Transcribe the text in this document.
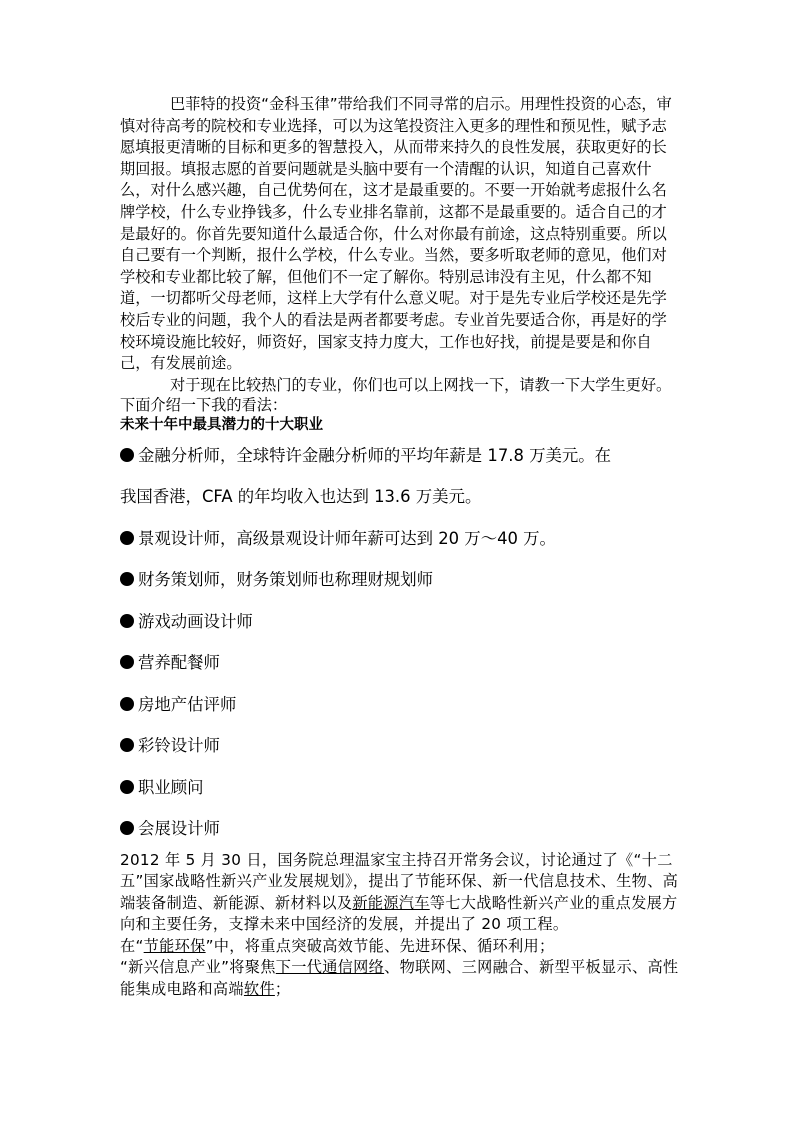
巴菲特的投资“金科玉律”带给我们不同寻常的启示。用理性投资的心态，审慎对待高考的院校和专业选择，可以为这笔投资注入更多的理性和预见性，赋予志愿填报更清晰的目标和更多的智慧投入，从而带来持久的良性发展，获取更好的长期回报。填报志愿的首要问题就是头脑中要有一个清醒的认识，知道自己喜欢什么，对什么感兴趣，自己优势何在，这才是最重要的。不要一开始就考虑报什么名牌学校，什么专业挣钱多，什么专业排名靠前，这都不是最重要的。适合自己的才是最好的。你首先要知道什么最适合你，什么对你最有前途，这点特别重要。所以自己要有一个判断，报什么学校，什么专业。当然，要多听取老师的意见，他们对学校和专业都比较了解，但他们不一定了解你。特别忌讳没有主见，什么都不知道，一切都听父母老师，这样上大学有什么意义呢。对于是先专业后学校还是先学校后专业的问题，我个人的看法是两者都要考虑。专业首先要适合你，再是好的学校环境设施比较好，师资好，国家支持力度大，工作也好找，前提是要是和你自己，有发展前途。

对于现在比较热门的专业，你们也可以上网找一下，请教一下大学生更好。下面介绍一下我的看法：

未来十年中最具潜力的十大职业

金融分析师，全球特许金融分析师的平均年薪是 17.8 万美元。在
我国香港，CFA 的年均收入也达到 13.6 万美元。
景观设计师，高级景观设计师年薪可达到 20 万～40 万。
财务策划师，财务策划师也称理财规划师
游戏动画设计师
营养配餐师
房地产估评师
彩铃设计师
职业顾问
会展设计师

2012 年 5 月 30 日，国务院总理温家宝主持召开常务会议，讨论通过了《“十二五”国家战略性新兴产业发展规划》，提出了节能环保、新一代信息技术、生物、高端装备制造、新能源、新材料以及新能源汽车等七大战略性新兴产业的重点发展方向和主要任务，支撑未来中国经济的发展，并提出了 20 项工程。

在“节能环保”中，将重点突破高效节能、先进环保、循环利用；

“新兴信息产业”将聚焦下一代通信网络、物联网、三网融合、新型平板显示、高性能集成电路和高端软件；
